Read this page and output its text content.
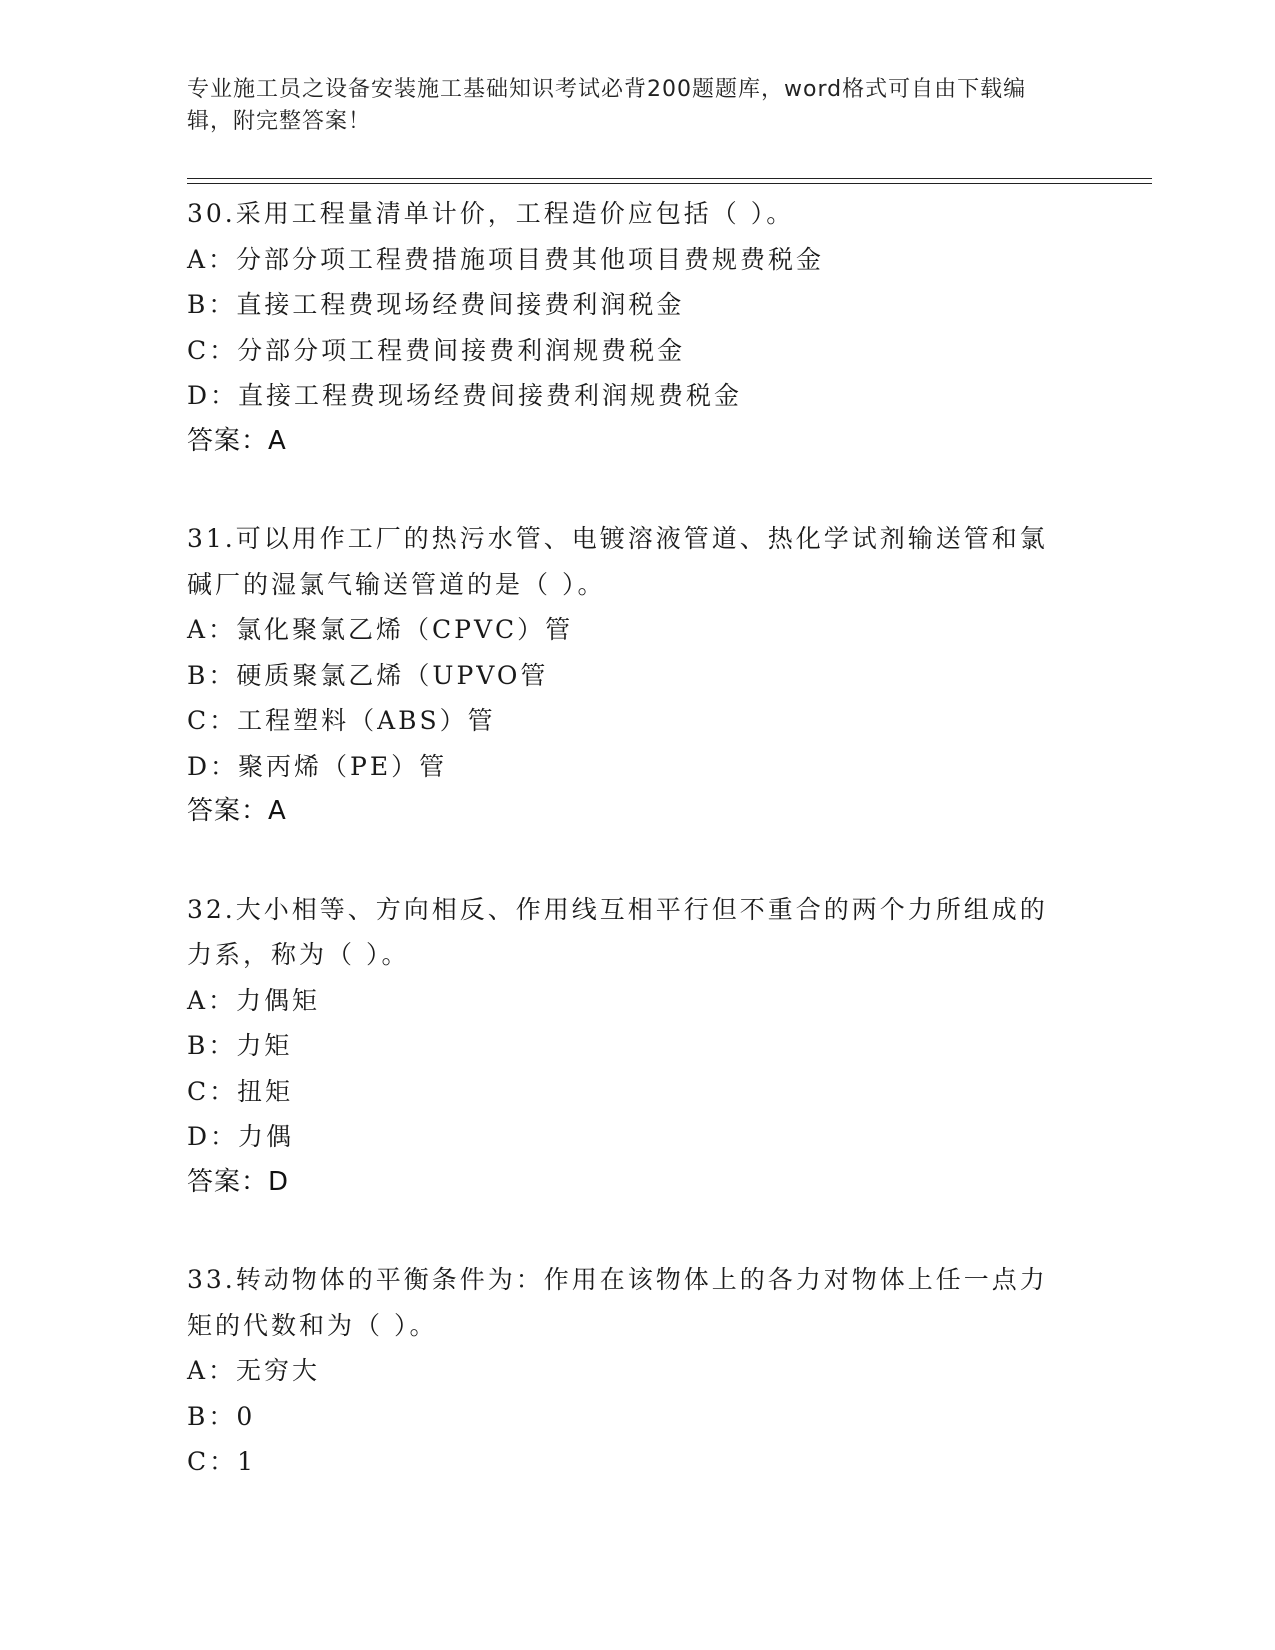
专业施工员之设备安装施工基础知识考试必背200题题库，word格式可自由下载编辑，附完整答案！
30.采用工程量清单计价，工程造价应包括（ ）。
A：分部分项工程费措施项目费其他项目费规费税金
B：直接工程费现场经费间接费利润税金
C：分部分项工程费间接费利润规费税金
D：直接工程费现场经费间接费利润规费税金
答案：A
31.可以用作工厂的热污水管、电镀溶液管道、热化学试剂输送管和氯碱厂的湿氯气输送管道的是（ ）。
A：氯化聚氯乙烯（CPVC）管
B：硬质聚氯乙烯（UPVO管
C：工程塑料（ABS）管
D：聚丙烯（PE）管
答案：A
32.大小相等、方向相反、作用线互相平行但不重合的两个力所组成的力系，称为（ ）。
A：力偶矩
B：力矩
C：扭矩
D：力偶
答案：D
33.转动物体的平衡条件为：作用在该物体上的各力对物体上任一点力矩的代数和为（ ）。
A：无穷大
B：0
C：1
